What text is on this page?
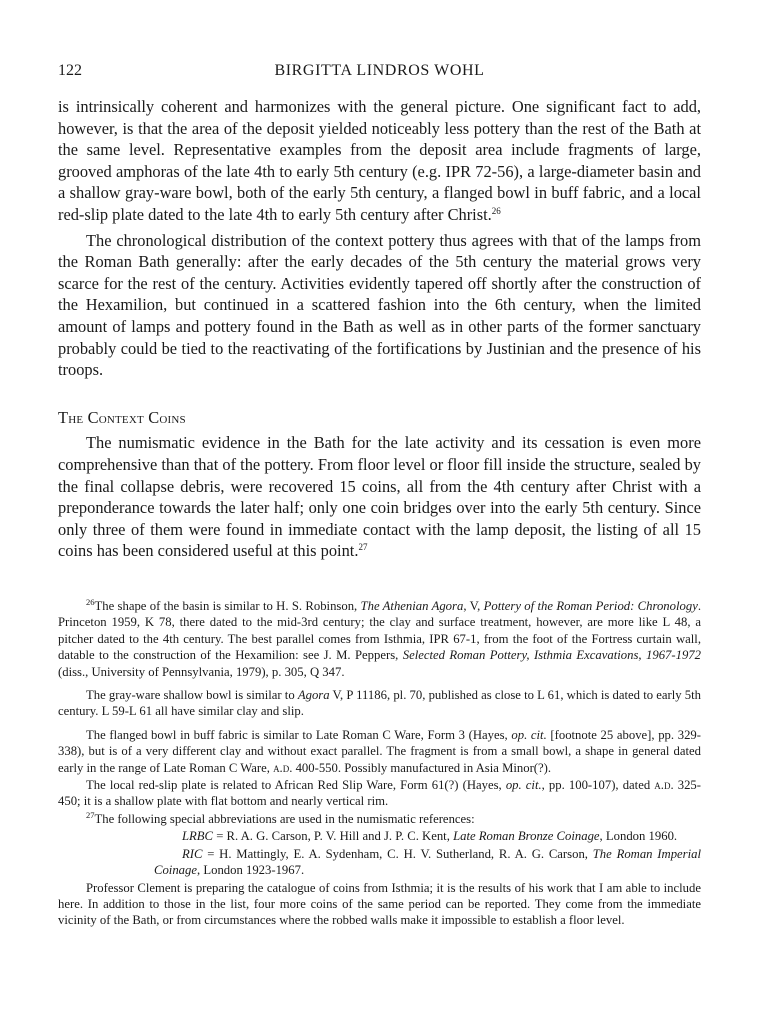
122	BIRGITTA LINDROS WOHL

is intrinsically coherent and harmonizes with the general picture. One significant fact to add, however, is that the area of the deposit yielded noticeably less pottery than the rest of the Bath at the same level. Representative examples from the deposit area include fragments of large, grooved amphoras of the late 4th to early 5th century (e.g. IPR 72-56), a large-diameter basin and a shallow gray-ware bowl, both of the early 5th century, a flanged bowl in buff fabric, and a local red-slip plate dated to the late 4th to early 5th century after Christ.$^{26}$

The chronological distribution of the context pottery thus agrees with that of the lamps from the Roman Bath generally: after the early decades of the 5th century the material grows very scarce for the rest of the century. Activities evidently tapered off shortly after the construction of the Hexamilion, but continued in a scattered fashion into the 6th century, when the limited amount of lamps and pottery found in the Bath as well as in other parts of the former sanctuary probably could be tied to the reactivating of the fortifications by Justinian and the presence of his troops.

The Context Coins

The numismatic evidence in the Bath for the late activity and its cessation is even more comprehensive than that of the pottery. From floor level or floor fill inside the structure, sealed by the final collapse debris, were recovered 15 coins, all from the 4th century after Christ with a preponderance towards the later half; only one coin bridges over into the early 5th century. Since only three of them were found in immediate contact with the lamp deposit, the listing of all 15 coins has been considered useful at this point.$^{27}$

$^{26}$The shape of the basin is similar to H. S. Robinson, The Athenian Agora, V, Pottery of the Roman Period: Chronology. Princeton 1959, K 78, there dated to the mid-3rd century; the clay and surface treatment, however, are more like L 48, a pitcher dated to the 4th century. The best parallel comes from Isthmia, IPR 67-1, from the foot of the Fortress curtain wall, datable to the construction of the Hexamilion: see J. M. Peppers, Selected Roman Pottery, Isthmia Excavations, 1967-1972 (diss., University of Pennsylvania, 1979), p. 305, Q 347.

The gray-ware shallow bowl is similar to Agora V, P 11186, pl. 70, published as close to L 61, which is dated to early 5th century. L 59-L 61 all have similar clay and slip.

The flanged bowl in buff fabric is similar to Late Roman C Ware, Form 3 (Hayes, op. cit. [footnote 25 above], pp. 329-338), but is of a very different clay and without exact parallel. The fragment is from a small bowl, a shape in general dated early in the range of Late Roman C Ware, a.d. 400-550. Possibly manufactured in Asia Minor(?).

The local red-slip plate is related to African Red Slip Ware, Form 61(?) (Hayes, op. cit., pp. 100-107), dated a.d. 325-450; it is a shallow plate with flat bottom and nearly vertical rim.

$^{27}$The following special abbreviations are used in the numismatic references:

LRBC = R. A. G. Carson, P. V. Hill and J. P. C. Kent, Late Roman Bronze Coinage, London 1960.

RIC = H. Mattingly, E. A. Sydenham, C. H. V. Sutherland, R. A. G. Carson, The Roman Imperial Coinage, London 1923-1967.

Professor Clement is preparing the catalogue of coins from Isthmia; it is the results of his work that I am able to include here. In addition to those in the list, four more coins of the same period can be reported. They come from the immediate vicinity of the Bath, or from circumstances where the robbed walls make it impossible to establish a floor level.
